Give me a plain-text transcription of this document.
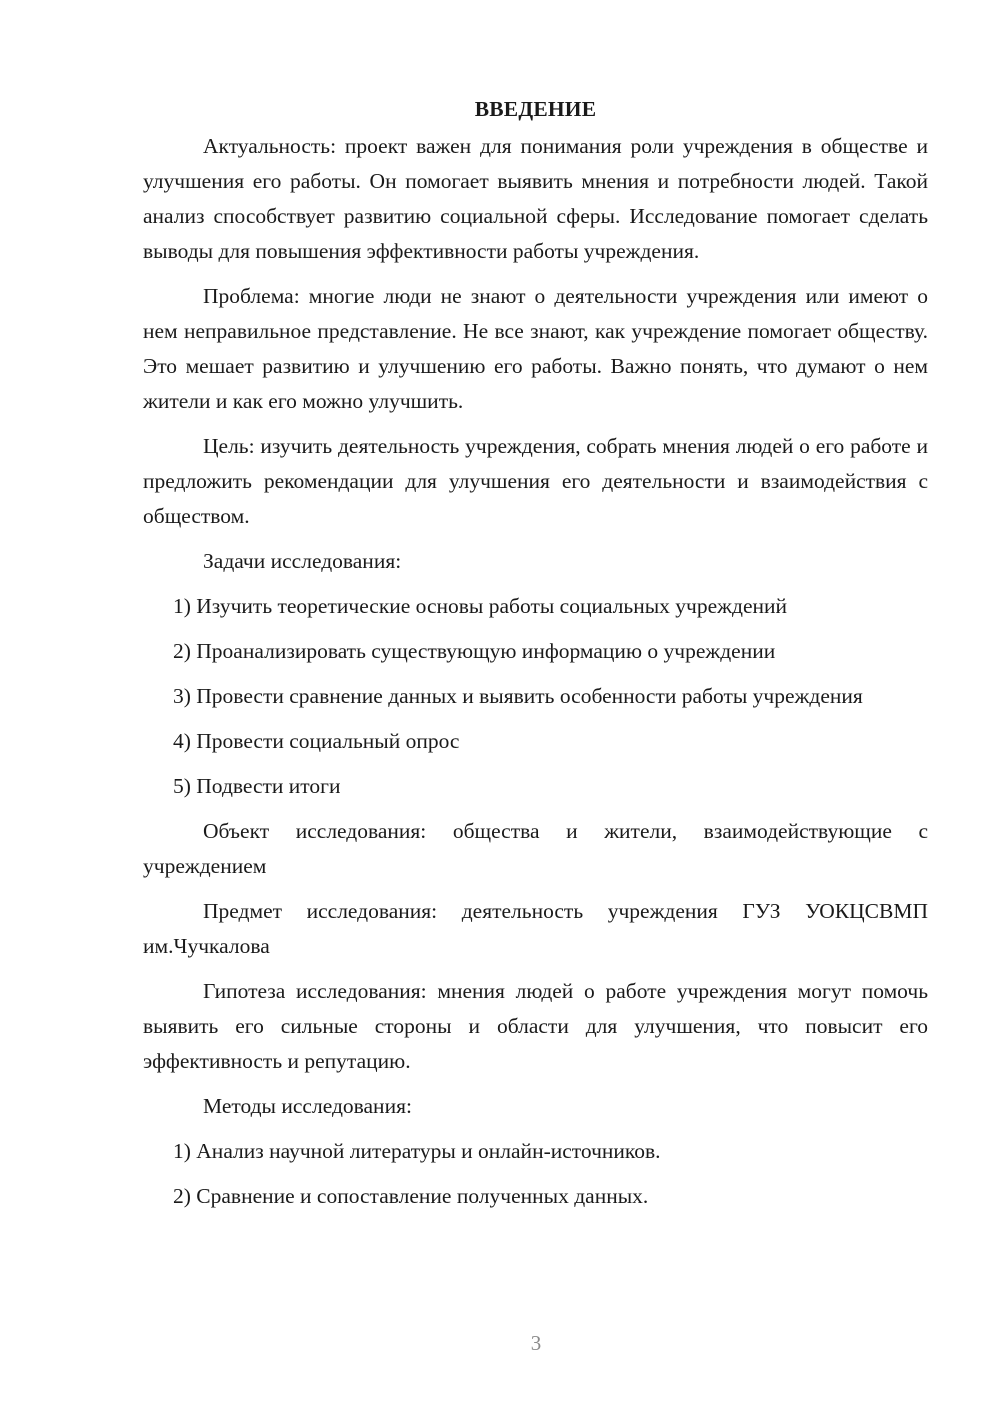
ВВЕДЕНИЕ

Актуальность: проект важен для понимания роли учреждения в обществе и улучшения его работы. Он помогает выявить мнения и потребности людей. Такой анализ способствует развитию социальной сферы. Исследование помогает сделать выводы для повышения эффективности работы учреждения.

Проблема: многие люди не знают о деятельности учреждения или имеют о нем неправильное представление. Не все знают, как учреждение помогает обществу. Это мешает развитию и улучшению его работы. Важно понять, что думают о нем жители и как его можно улучшить.

Цель: изучить деятельность учреждения, собрать мнения людей о его работе и предложить рекомендации для улучшения его деятельности и взаимодействия с обществом.

Задачи исследования:

1) Изучить теоретические основы работы социальных учреждений

2) Проанализировать существующую информацию о учреждении

3) Провести сравнение данных и выявить особенности работы учреждения

4) Провести социальный опрос

5) Подвести итоги

Объект исследования: общества и жители, взаимодействующие с учреждением

Предмет исследования: деятельность учреждения ГУЗ УОКЦСВМП им.Чучкалова

Гипотеза исследования: мнения людей о работе учреждения могут помочь выявить его сильные стороны и области для улучшения, что повысит его эффективность и репутацию.

Методы исследования:

1) Анализ научной литературы и онлайн-источников.

2) Сравнение и сопоставление полученных данных.

3
